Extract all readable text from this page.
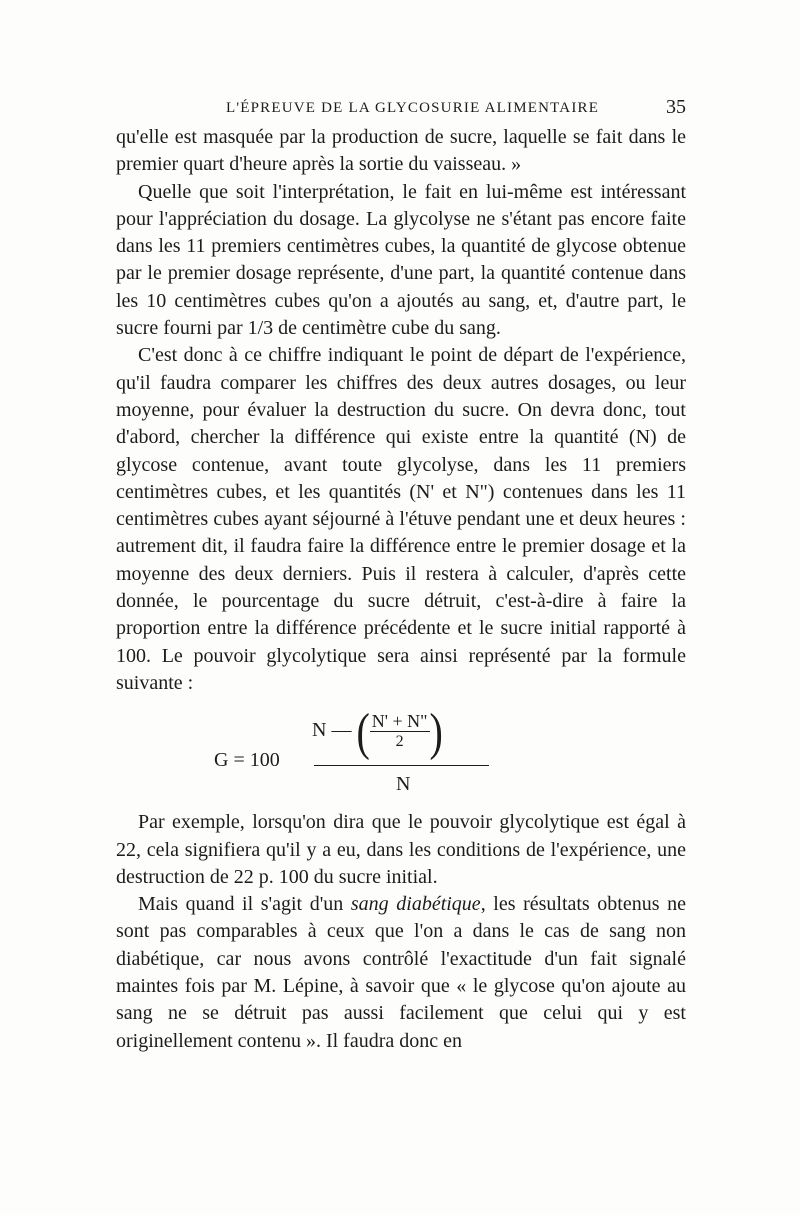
L'ÉPREUVE DE LA GLYCOSURIE ALIMENTAIRE	35

qu'elle est masquée par la production de sucre, laquelle se fait dans le premier quart d'heure après la sortie du vaisseau. »

Quelle que soit l'interprétation, le fait en lui-même est intéressant pour l'appréciation du dosage. La glycolyse ne s'étant pas encore faite dans les 11 premiers centimètres cubes, la quantité de glycose obtenue par le premier dosage représente, d'une part, la quantité contenue dans les 10 centimètres cubes qu'on a ajoutés au sang, et, d'autre part, le sucre fourni par 1/3 de centimètre cube du sang.

C'est donc à ce chiffre indiquant le point de départ de l'expérience, qu'il faudra comparer les chiffres des deux autres dosages, ou leur moyenne, pour évaluer la destruction du sucre. On devra donc, tout d'abord, chercher la différence qui existe entre la quantité (N) de glycose contenue, avant toute glycolyse, dans les 11 premiers centimètres cubes, et les quantités (N' et N") contenues dans les 11 centimètres cubes ayant séjourné à l'étuve pendant une et deux heures : autrement dit, il faudra faire la différence entre le premier dosage et la moyenne des deux derniers. Puis il restera à calculer, d'après cette donnée, le pourcentage du sucre détruit, c'est-à-dire à faire la proportion entre la différence précédente et le sucre initial rapporté à 100. Le pouvoir glycolytique sera ainsi représenté par la formule suivante :

G = 100
N — ( $\frac{N' + N"}{2}$ )
N

Par exemple, lorsqu'on dira que le pouvoir glycolytique est égal à 22, cela signifiera qu'il y a eu, dans les conditions de l'expérience, une destruction de 22 p. 100 du sucre initial.

Mais quand il s'agit d'un sang diabétique, les résultats obtenus ne sont pas comparables à ceux que l'on a dans le cas de sang non diabétique, car nous avons contrôlé l'exactitude d'un fait signalé maintes fois par M. Lépine, à savoir que « le glycose qu'on ajoute au sang ne se détruit pas aussi facilement que celui qui y est originellement contenu ». Il faudra donc en
